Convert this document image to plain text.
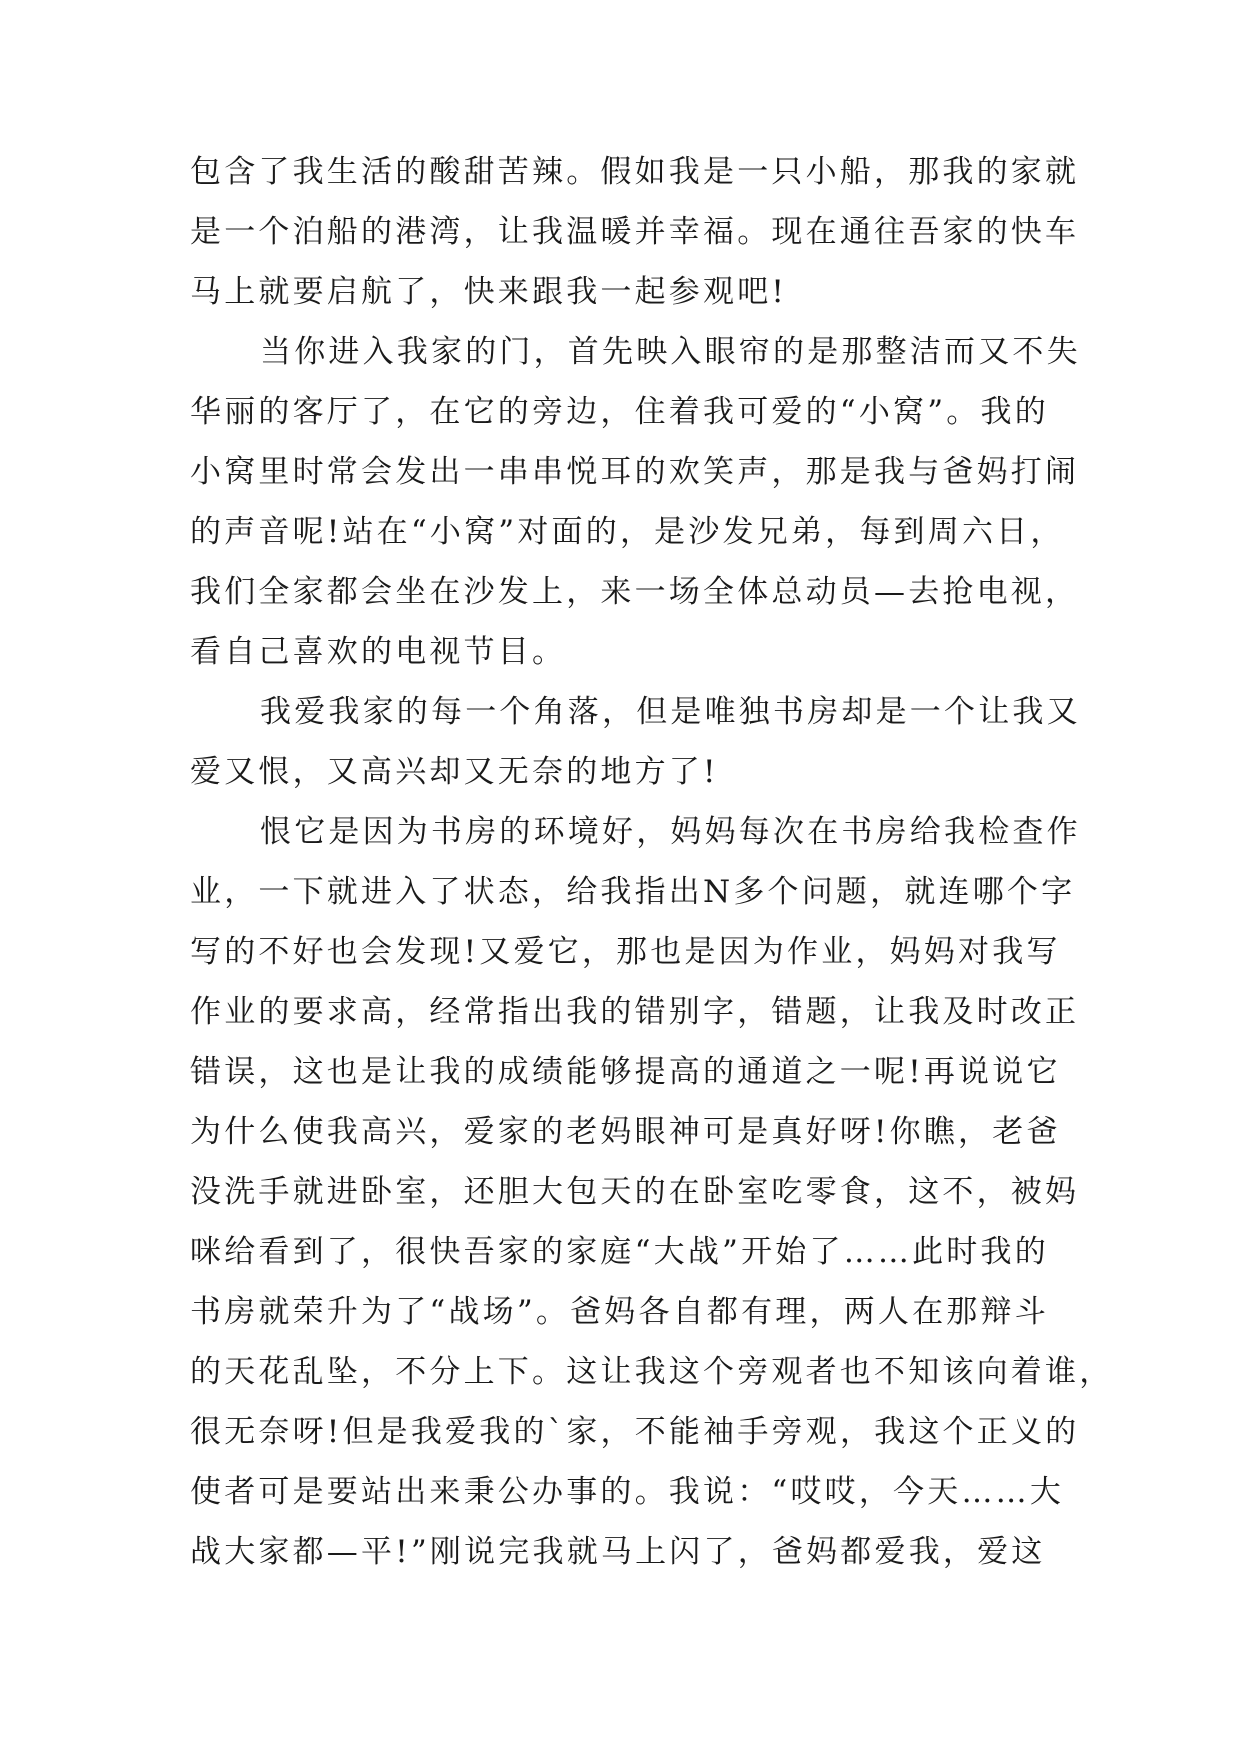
包含了我生活的酸甜苦辣。假如我是一只小船，那我的家就
是一个泊船的港湾，让我温暖并幸福。现在通往吾家的快车
马上就要启航了，快来跟我一起参观吧!
当你进入我家的门，首先映入眼帘的是那整洁而又不失
华丽的客厅了，在它的旁边，住着我可爱的“小窝”。我的
小窝里时常会发出一串串悦耳的欢笑声，那是我与爸妈打闹
的声音呢!站在“小窝”对面的，是沙发兄弟，每到周六日，
我们全家都会坐在沙发上，来一场全体总动员—去抢电视，
看自己喜欢的电视节目。
我爱我家的每一个角落，但是唯独书房却是一个让我又
爱又恨，又高兴却又无奈的地方了!
恨它是因为书房的环境好，妈妈每次在书房给我检查作
业，一下就进入了状态，给我指出N多个问题，就连哪个字
写的不好也会发现!又爱它，那也是因为作业，妈妈对我写
作业的要求高，经常指出我的错别字，错题，让我及时改正
错误，这也是让我的成绩能够提高的通道之一呢!再说说它
为什么使我高兴，爱家的老妈眼神可是真好呀!你瞧，老爸
没洗手就进卧室，还胆大包天的在卧室吃零食，这不，被妈
咪给看到了，很快吾家的家庭“大战”开始了……此时我的
书房就荣升为了“战场”。爸妈各自都有理，两人在那辩斗
的天花乱坠，不分上下。这让我这个旁观者也不知该向着谁，
很无奈呀!但是我爱我的`家，不能袖手旁观，我这个正义的
使者可是要站出来秉公办事的。我说：“哎哎，今天……大
战大家都—平!”刚说完我就马上闪了，爸妈都爱我，爱这
